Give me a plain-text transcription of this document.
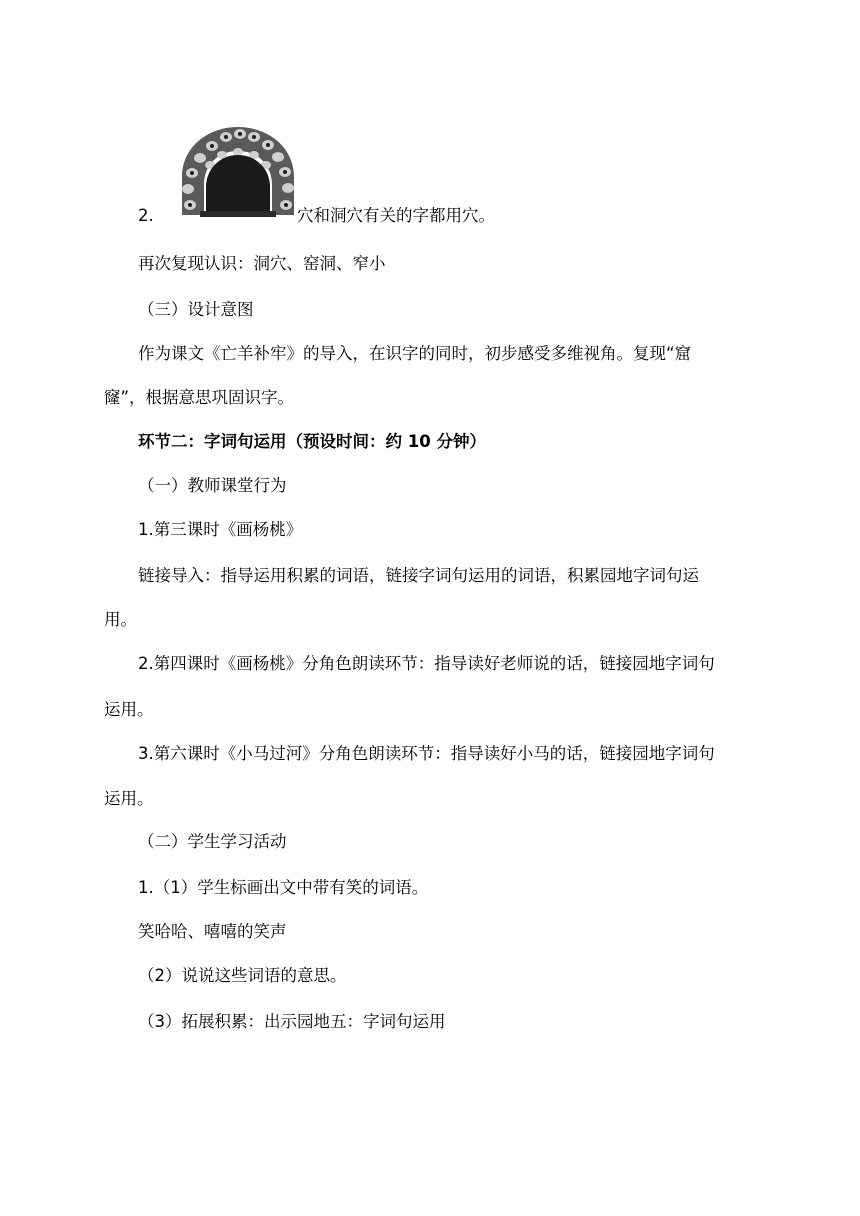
2.	穴和洞穴有关的字都用穴。
再次复现认识：洞穴、窑洞、窄小
（三）设计意图
作为课文《亡羊补牢》的导入，在识字的同时，初步感受多维视角。复现“窟
窿”，根据意思巩固识字。
环节二：字词句运用（预设时间：约 10 分钟）
（一）教师课堂行为
1.第三课时《画杨桃》
链接导入：指导运用积累的词语，链接字词句运用的词语，积累园地字词句运
用。
2.第四课时《画杨桃》分角色朗读环节：指导读好老师说的话，链接园地字词句
运用。
3.第六课时《小马过河》分角色朗读环节：指导读好小马的话，链接园地字词句
运用。
（二）学生学习活动
1.（1）学生标画出文中带有笑的词语。
笑哈哈、嘻嘻的笑声
（2）说说这些词语的意思。
（3）拓展积累：出示园地五：字词句运用
